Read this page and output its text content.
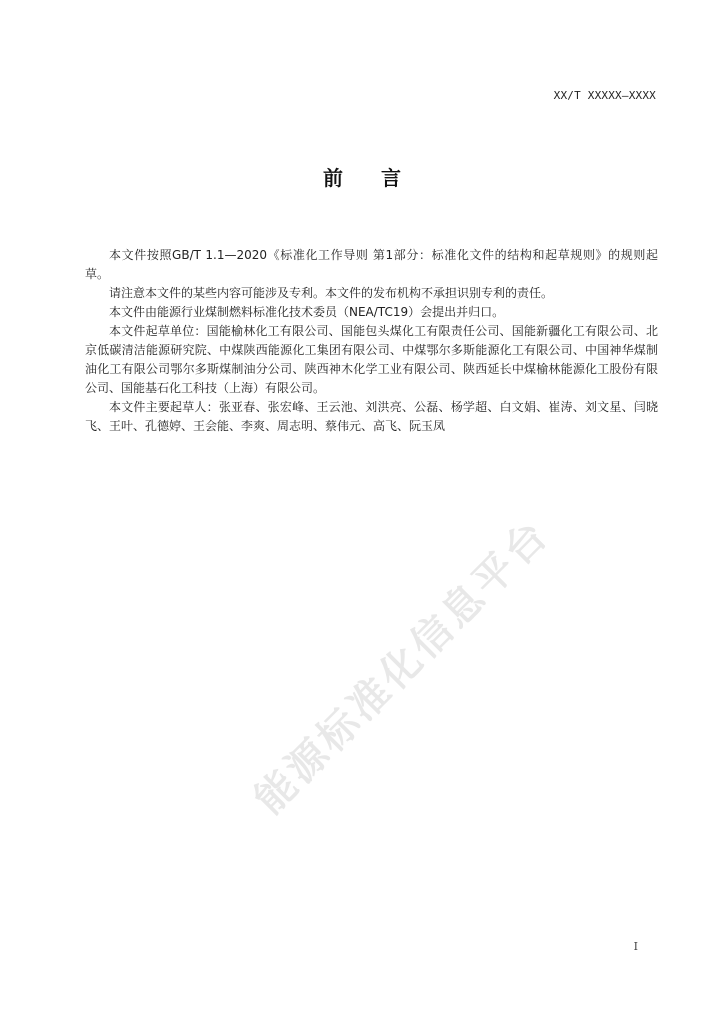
XX/T XXXXX—XXXX
前 言

本文件按照GB/T 1.1—2020《标准化工作导则 第1部分：标准化文件的结构和起草规则》的规则起草。

请注意本文件的某些内容可能涉及专利。本文件的发布机构不承担识别专利的责任。

本文件由能源行业煤制燃料标准化技术委员（NEA/TC19）会提出并归口。

本文件起草单位：国能榆林化工有限公司、国能包头煤化工有限责任公司、国能新疆化工有限公司、北京低碳清洁能源研究院、中煤陕西能源化工集团有限公司、中煤鄂尔多斯能源化工有限公司、中国神华煤制油化工有限公司鄂尔多斯煤制油分公司、陕西神木化学工业有限公司、陕西延长中煤榆林能源化工股份有限公司、国能基石化工科技（上海）有限公司。

本文件主要起草人：张亚春、张宏峰、王云池、刘洪亮、公磊、杨学超、白文娟、崔涛、刘文星、闫晓飞、王叶、孔德婷、王会能、李爽、周志明、蔡伟元、高飞、阮玉凤

能源标准化信息平台
I
